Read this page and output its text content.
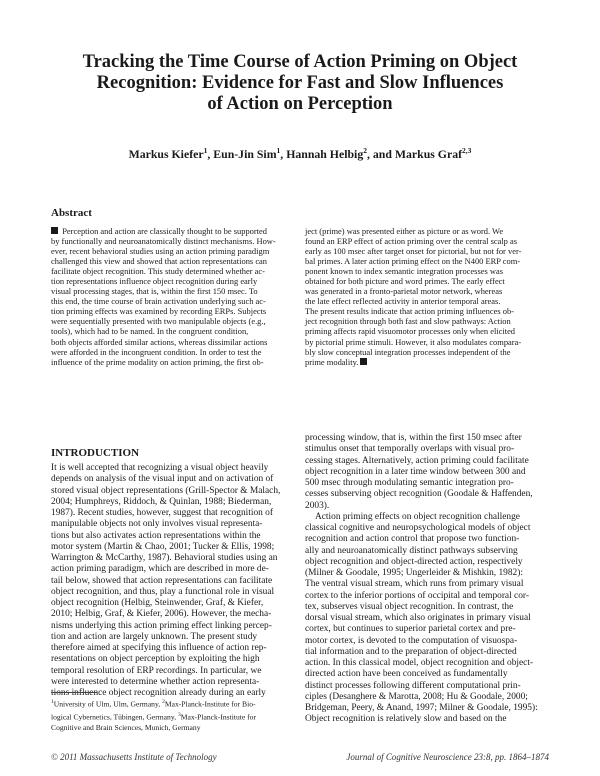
Tracking the Time Course of Action Priming on Object
Recognition: Evidence for Fast and Slow Influences
of Action on Perception
Markus Kiefer$^1$, Eun-Jin Sim$^1$, Hannah Helbig$^2$, and Markus Graf$^{2,3}$
Abstract
 Perception and action are classically thought to be supported
by functionally and neuroanatomically distinct mechanisms. How-
ever, recent behavioral studies using an action priming paradigm
challenged this view and showed that action representations can
facilitate object recognition. This study determined whether ac-
tion representations influence object recognition during early
visual processing stages, that is, within the first 150 msec. To
this end, the time course of brain activation underlying such ac-
tion priming effects was examined by recording ERPs. Subjects
were sequentially presented with two manipulable objects (e.g.,
tools), which had to be named. In the congruent condition,
both objects afforded similar actions, whereas dissimilar actions
were afforded in the incongruent condition. In order to test the
influence of the prime modality on action priming, the first ob-
ject (prime) was presented either as picture or as word. We
found an ERP effect of action priming over the central scalp as
early as 100 msec after target onset for pictorial, but not for ver-
bal primes. A later action priming effect on the N400 ERP com-
ponent known to index semantic integration processes was
obtained for both picture and word primes. The early effect
was generated in a fronto-parietal motor network, whereas
the late effect reflected activity in anterior temporal areas.
The present results indicate that action priming influences ob-
ject recognition through both fast and slow pathways: Action
priming affects rapid visuomotor processes only when elicited
by pictorial prime stimuli. However, it also modulates compara-
bly slow conceptual integration processes independent of the
prime modality.
INTRODUCTION
It is well accepted that recognizing a visual object heavily
depends on analysis of the visual input and on activation of
stored visual object representations (Grill-Spector & Malach,
2004; Humphreys, Riddoch, & Quinlan, 1988; Biederman,
1987). Recent studies, however, suggest that recognition of
manipulable objects not only involves visual representa-
tions but also activates action representations within the
motor system (Martin & Chao, 2001; Tucker & Ellis, 1998;
Warrington & McCarthy, 1987). Behavioral studies using an
action priming paradigm, which are described in more de-
tail below, showed that action representations can facilitate
object recognition, and thus, play a functional role in visual
object recognition (Helbig, Steinwender, Graf, & Kiefer,
2010; Helbig, Graf, & Kiefer, 2006). However, the mecha-
nisms underlying this action priming effect linking percep-
tion and action are largely unknown. The present study
therefore aimed at specifying this influence of action rep-
resentations on object perception by exploiting the high
temporal resolution of ERP recordings. In particular, we
were interested to determine whether action representa-
tions influence object recognition already during an early
processing window, that is, within the first 150 msec after
stimulus onset that temporally overlaps with visual pro-
cessing stages. Alternatively, action priming could facilitate
object recognition in a later time window between 300 and
500 msec through modulating semantic integration pro-
cesses subserving object recognition (Goodale & Haffenden,
2003).
Action priming effects on object recognition challenge
classical cognitive and neuropsychological models of object
recognition and action control that propose two function-
ally and neuroanatomically distinct pathways subserving
object recognition and object-directed action, respectively
(Milner & Goodale, 1995; Ungerleider & Mishkin, 1982):
The ventral visual stream, which runs from primary visual
cortex to the inferior portions of occipital and temporal cor-
tex, subserves visual object recognition. In contrast, the
dorsal visual stream, which also originates in primary visual
cortex, but continues to superior parietal cortex and pre-
motor cortex, is devoted to the computation of visuospa-
tial information and to the preparation of object-directed
action. In this classical model, object recognition and object-
directed action have been conceived as fundamentally
distinct processes following different computational prin-
ciples (Desanghere & Marotta, 2008; Hu & Goodale, 2000;
Bridgeman, Peery, & Anand, 1997; Milner & Goodale, 1995):
Object recognition is relatively slow and based on the
$^1$University of Ulm, Ulm, Germany, $^2$Max-Planck-Institute for Bio-
logical Cybernetics, Tübingen, Germany, $^3$Max-Planck-Institute for
Cognitive and Brain Sciences, Munich, Germany
© 2011 Massachusetts Institute of Technology	Journal of Cognitive Neuroscience 23:8, pp. 1864–1874
